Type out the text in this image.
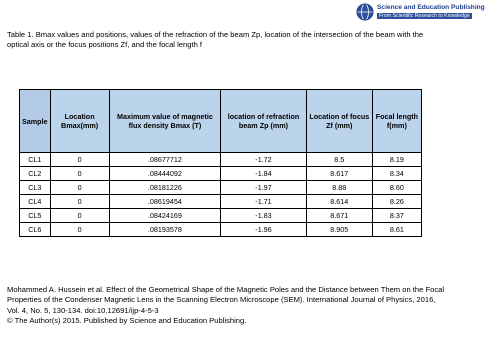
Science and Education Publishing
From Scientific Research to Knowledge
Table 1. Bmax values and positions, values of the refraction of the beam Zp, location of the intersection of the beam with the optical axis or the focus positions Zf, and the focal length f
Sample	Location Bmax(mm)	Maximum value of magnetic flux density Bmax (T)	location of refraction beam Zp (mm)	Location of focus Zf (mm)	Focal length f(mm)
CL1	0	.08677712	-1.72	8.5	8.19
CL2	0	.08444092	-1.84	8.617	8.34
CL3	0	.08181226	-1.97	8.88	8.60
CL4	0	.08619454	-1.71	8.614	8.26
CL5	0	.08424169	-1.83	8.671	8.37
CL6	0	.08193578	-1.96	8.905	8.61
Mohammed A. Hussein et al. Effect of the Geometrical Shape of the Magnetic Poles and the Distance between Them on the Focal Properties of the Condenser Magnetic Lens in the Scanning Electron Microscope (SEM). International Journal of Physics, 2016, Vol. 4, No. 5, 130-134. doi:10.12691/ijp-4-5-3
© The Author(s) 2015. Published by Science and Education Publishing.
